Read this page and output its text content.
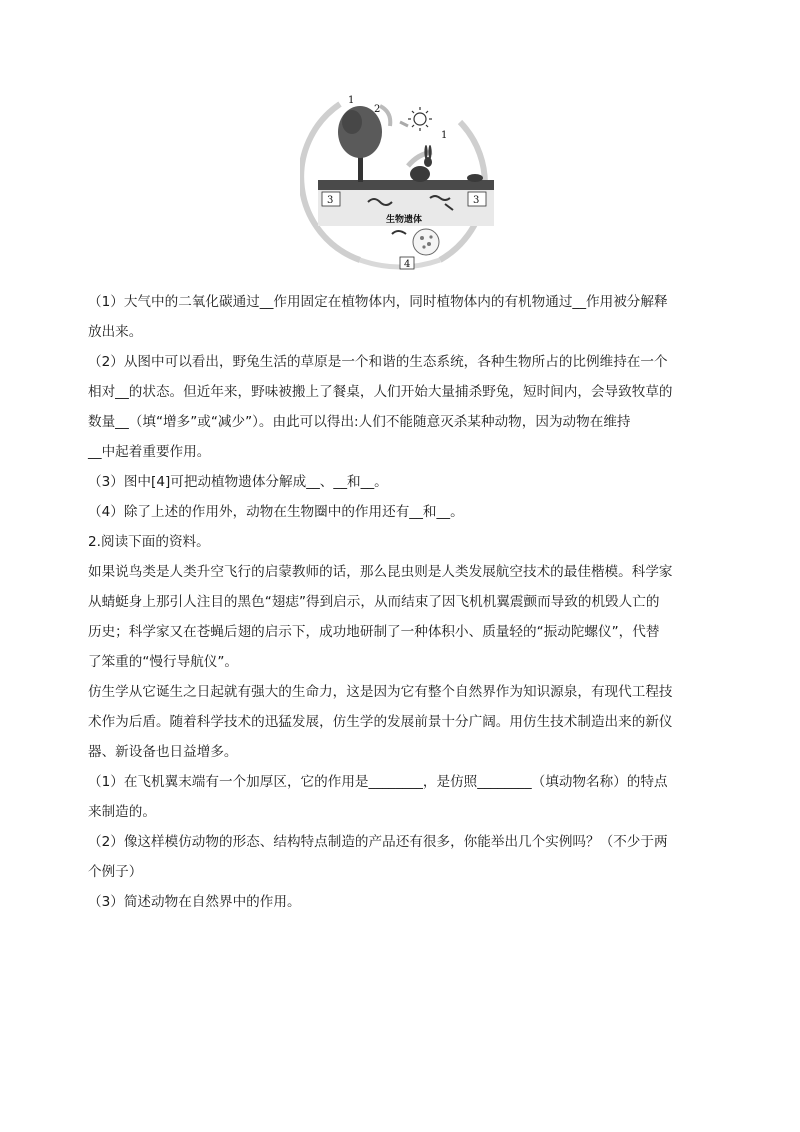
1
2
1
3	3
生物遗体
4
（1）大气中的二氧化碳通过__作用固定在植物体内，同时植物体内的有机物通过__作用被分解释
放出来。
（2）从图中可以看出，野兔生活的草原是一个和谐的生态系统，各种生物所占的比例维持在一个
相对__的状态。但近年来，野味被搬上了餐桌，人们开始大量捕杀野兔，短时间内，会导致牧草的
数量__（填“增多”或“减少”）。由此可以得出:人们不能随意灭杀某种动物，因为动物在维持
__中起着重要作用。
（3）图中[4]可把动植物遗体分解成__、__和__。
（4）除了上述的作用外，动物在生物圈中的作用还有__和__。
2.阅读下面的资料。
如果说鸟类是人类升空飞行的启蒙教师的话，那么昆虫则是人类发展航空技术的最佳楷模。科学家
从蜻蜓身上那引人注目的黑色“翅痣”得到启示，从而结束了因飞机机翼震颤而导致的机毁人亡的
历史；科学家又在苍蝇后翅的启示下，成功地研制了一种体积小、质量轻的“振动陀螺仪”，代替
了笨重的“慢行导航仪”。
仿生学从它诞生之日起就有强大的生命力，这是因为它有整个自然界作为知识源泉，有现代工程技
术作为后盾。随着科学技术的迅猛发展，仿生学的发展前景十分广阔。用仿生技术制造出来的新仪
器、新设备也日益增多。
（1）在飞机翼末端有一个加厚区，它的作用是________，是仿照________（填动物名称）的特点
来制造的。
（2）像这样模仿动物的形态、结构特点制造的产品还有很多，你能举出几个实例吗？（不少于两
个例子）
（3）简述动物在自然界中的作用。
